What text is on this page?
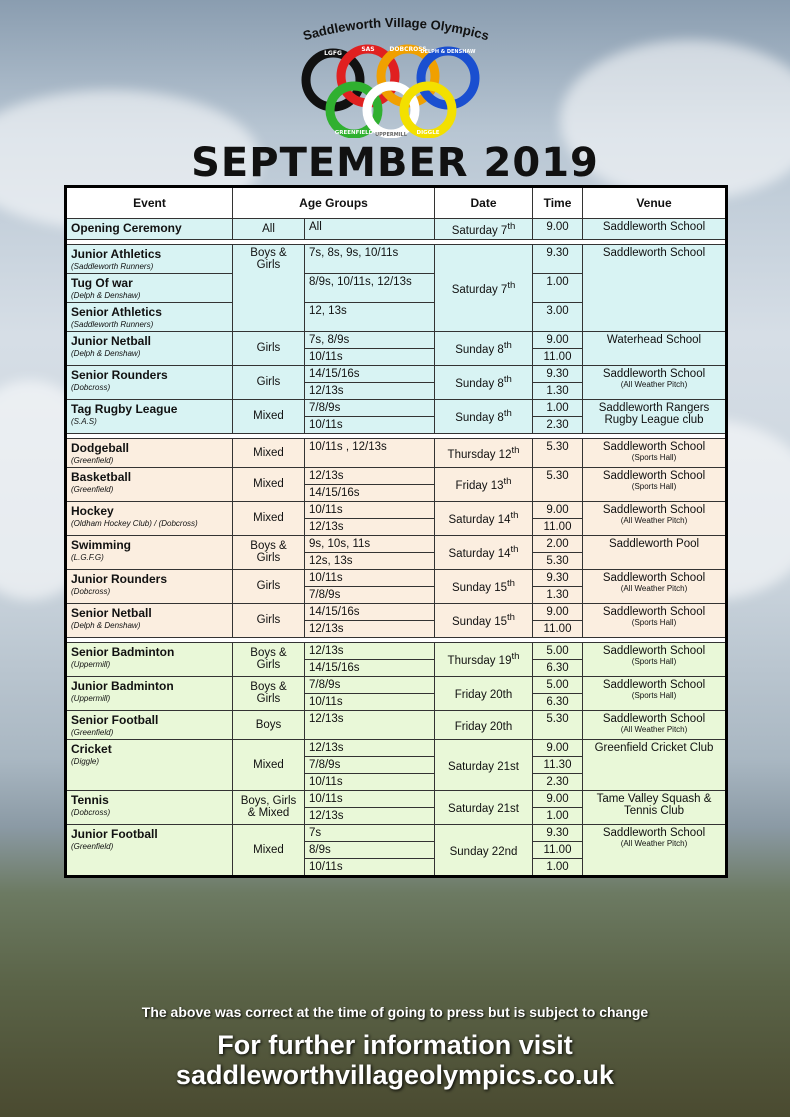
Saddleworth Village Olympics
LGFG
SAS DOBCROSS
DELPH & DENSHAW
GREENFIELD UPPERMILL DIGGLE
SEPTEMBER 2019
Event	Age Groups		Date	Time	Venue
Opening Ceremony	All	All	Saturday 7th	9.00	Saddleworth School

Junior Athletics
(Saddleworth Runners)	Boys & Girls	7s, 8s, 9s, 10/11s	Saturday 7th	9.30	Saddleworth School

Tug Of war
(Delph & Denshaw)		8/9s, 10/11s, 12/13s		1.00	
Senior Athletics
(Saddleworth Runners)		12, 13s		3.00	
Junior Netball
(Delph & Denshaw)	Girls	7s, 8/9s	Sunday 8th	9.00	Waterhead School

		10/11s		11.00	
Senior Rounders
(Dobcross)	Girls	14/15/16s	Sunday 8th	9.30	Saddleworth School
(All Weather Pitch)

		12/13s		1.30	
Tag Rugby League
(S.A.S)	Mixed	7/8/9s	Sunday 8th	1.00	Saddleworth Rangers Rugby League club

		10/11s		2.30	

Dodgeball
(Greenfield)	Mixed	10/11s , 12/13s	Thursday 12th	5.30	Saddleworth School
(Sports Hall)

Basketball
(Greenfield)	Mixed	12/13s	Friday 13th	5.30	Saddleworth School
(Sports Hall)

		14/15/16s			
Hockey
(Oldham Hockey Club) / (Dobcross)	Mixed	10/11s	Saturday 14th	9.00	Saddleworth School
(All Weather Pitch)

		12/13s		11.00	
Swimming
(L.G.F.G)	Boys & Girls	9s, 10s, 11s	Saturday 14th	2.00	Saddleworth Pool

		12s, 13s		5.30	
Junior Rounders
(Dobcross)	Girls	10/11s	Sunday 15th	9.30	Saddleworth School
(All Weather Pitch)

		7/8/9s		1.30	
Senior Netball
(Delph & Denshaw)	Girls	14/15/16s	Sunday 15th	9.00	Saddleworth School
(Sports Hall)

		12/13s		11.00	

Senior Badminton
(Uppermill)	Boys & Girls	12/13s	Thursday 19th	5.00	Saddleworth School
(Sports Hall)

		14/15/16s		6.30	
Junior Badminton
(Uppermill)	Boys & Girls	7/8/9s	Friday 20th	5.00	Saddleworth School
(Sports Hall)

		10/11s		6.30	
Senior Football
(Greenfield)	Boys	12/13s	Friday 20th	5.30	Saddleworth School
(All Weather Pitch)

Cricket
(Diggle)	Mixed	12/13s	Saturday 21st	9.00	Greenfield Cricket Club

		7/8/9s		11.30	
		10/11s		2.30	
Tennis
(Dobcross)	Boys, Girls & Mixed	10/11s	Saturday 21st	9.00	Tame Valley Squash & Tennis Club

		12/13s		1.00	
Junior Football
(Greenfield)	Mixed	7s	Sunday 22nd	9.30	Saddleworth School
(All Weather Pitch)

		8/9s		11.00	
		10/11s		1.00	
The above was correct at the time of going to press but is subject to change
For further information visit
saddleworthvillageolympics.co.uk
